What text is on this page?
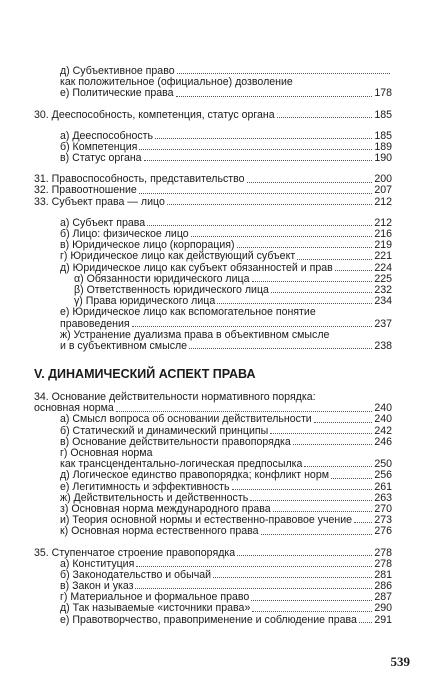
д) Субъективное право
как положительное (официальное) дозволение
е) Политические права	178
30. Дееспособность, компетенция, статус органа	185
а) Дееспособность	185
б) Компетенция	189
в) Статус органа	190
31. Правоспособность, представительство	200
32. Правоотношение	207
33. Субъект права — лицо	212
а) Субъект права	212
б) Лицо: физическое лицо	216
в) Юридическое лицо (корпорация)	219
г) Юридическое лицо как действующий субъект	221
д) Юридическое лицо как субъект обязанностей и прав	224
α) Обязанности юридического лица	225
β) Ответственность юридического лица	232
γ) Права юридического лица	234
е) Юридическое лицо как вспомогательное понятие
правоведения	237
ж) Устранение дуализма права в объективном смысле
и в субъективном смысле	238
V. ДИНАМИЧЕСКИЙ АСПЕКТ ПРАВА
34. Основание действительности нормативного порядка:
основная норма	240
а) Смысл вопроса об основании действительности	240
б) Статический и динамический принципы	242
в) Основание действительности правопорядка	246
г) Основная норма
как трансцендентально-логическая предпосылка	250
д) Логическое единство правопорядка; конфликт норм	256
е) Легитимность и эффективность	261
ж) Действительность и действенность	263
з) Основная норма международного права	270
и) Теория основной нормы и естественно-правовое учение 273
к) Основная норма естественного права	276
35. Ступенчатое строение правопорядка	278
а) Конституция	278
б) Законодательство и обычай	281
в) Закон и указ	286
г) Материальное и формальное право	287
д) Так называемые «источники права»	290
е) Правотворчество, правоприменение и соблюдение права 291
539
